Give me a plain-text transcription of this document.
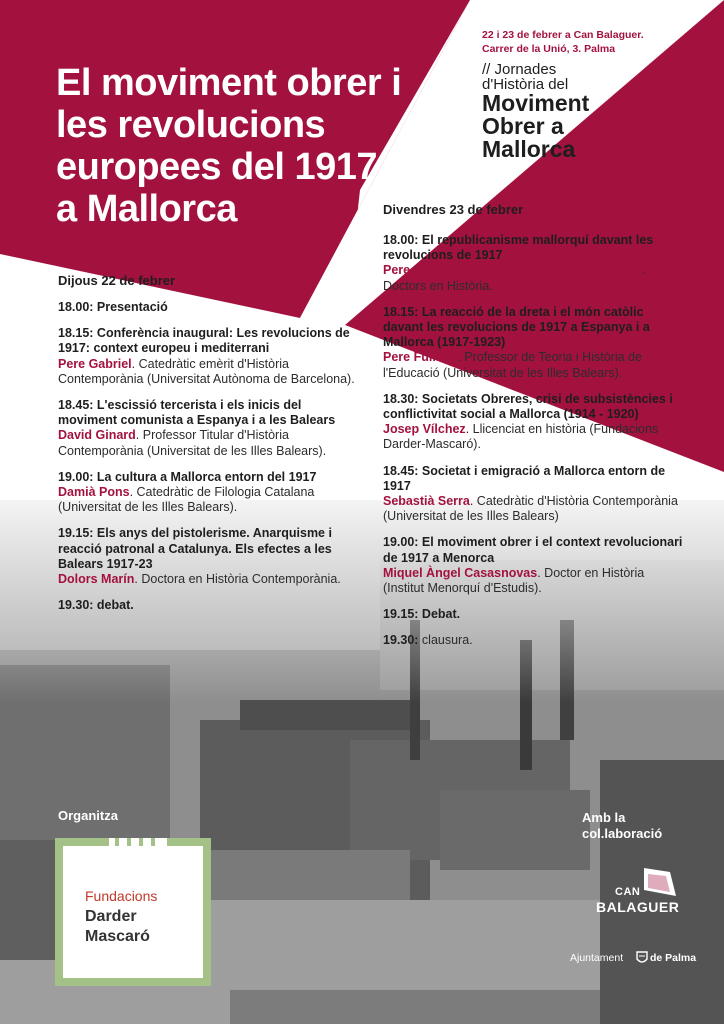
El moviment obrer i
les revolucions
europees del 1917
a Mallorca
22 i 23 de febrer a Can Balaguer.
Carrer de la Unió, 3. Palma
// Jornades
d'Història del
Moviment
Obrer a
Mallorca
Dijous 22 de febrer
Divendres 23 de febrer
18.00: Presentació
18.15: Conferència inaugural: Les revolucions de 1917: context europeu i mediterrani
Pere Gabriel. Catedràtic emèrit d'Història Contemporània (Universitat Autònoma de Barcelona).
18.45: L'escissió tercerista i els inicis del moviment comunista a Espanya i a les Balears
David Ginard. Professor Titular d'Història Contemporània (Universitat de les Illes Balears).
19.00: La cultura a Mallorca entorn del 1917
Damià Pons. Catedràtic de Filologia Catalana (Universitat de les Illes Balears).
19.15: Els anys del pistolerisme. Anarquisme i reacció patronal a Catalunya. Els efectes a les Balears 1917-23
Dolors Marín. Doctora en Història Contemporània.
19.30: debat.
18.00: El republicanisme mallorquí davant les revolucions de 1917
Pere Josep Garcia Munar-Catalina Martorell. Doctors en Història.
18.15: La reacció de la dreta i el món catòlic davant les revolucions de 1917 a Espanya i a Mallorca (1917-1923)
Pere Fullana. Professor de Teoria i Història de l'Educació (Universitat de les Illes Balears).
18.30: Societats Obreres, crisi de subsistències i conflictivitat social a Mallorca (1914 - 1920)
Josep Vílchez. Llicenciat en història (Fundacions Darder-Mascaró).
18.45: Societat i emigració a Mallorca entorn de 1917
Sebastià Serra. Catedràtic d'Història Contemporània (Universitat de les Illes Balears)
19.00: El moviment obrer i el context revolucionari de 1917 a Menorca
Miquel Àngel Casasnovas. Doctor en Història (Institut Menorquí d'Estudis).
19.15: Debat.
19.30: clausura.
Organitza	Amb la col.laboració
Fundacions
Darder
Mascaró
CAN
BALAGUER
Ajuntament	de Palma
